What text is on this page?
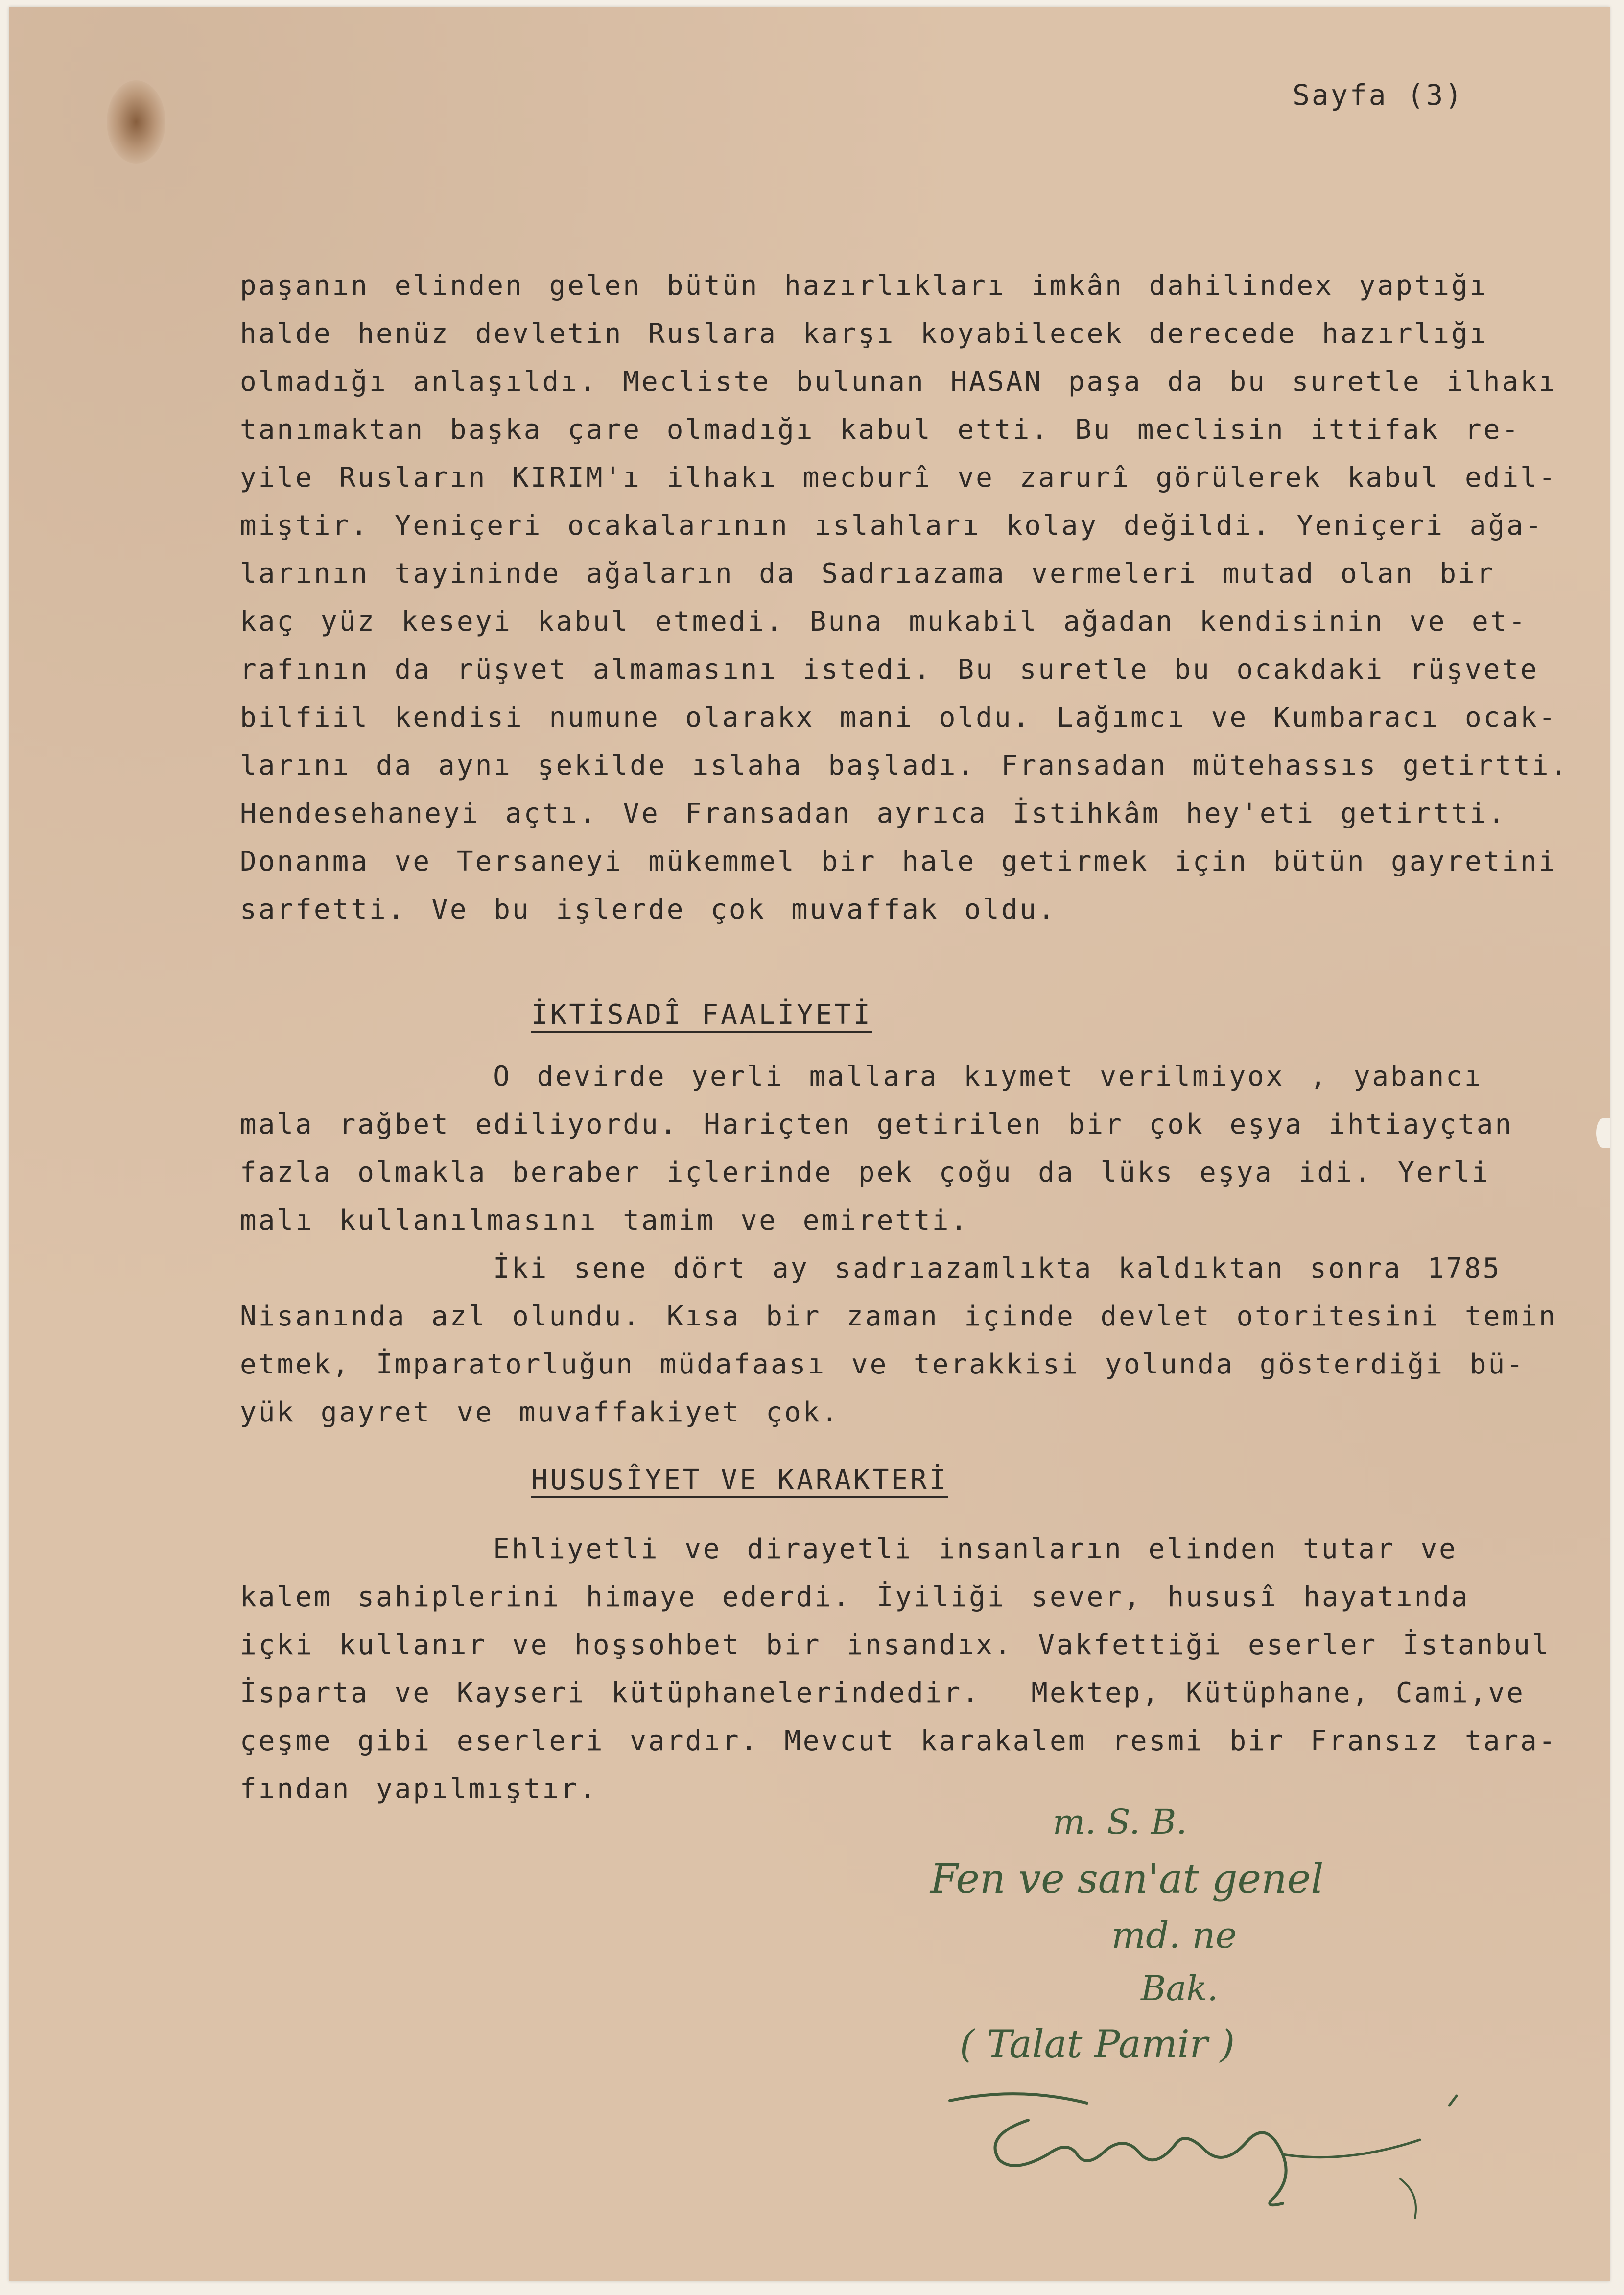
Sayfa (3)
paşanın elinden gelen bütün hazırlıkları imkân dahilindex yaptığı
halde henüz devletin Ruslara karşı koyabilecek derecede hazırlığı
olmadığı anlaşıldı. Mecliste bulunan HASAN paşa da bu suretle ilhakı
tanımaktan başka çare olmadığı kabul etti. Bu meclisin ittifak re-
yile Rusların KIRIM'ı ilhakı mecburî ve zarurî görülerek kabul edil-
miştir. Yeniçeri ocakalarının ıslahları kolay değildi. Yeniçeri ağa-
larının tayininde ağaların da Sadrıazama vermeleri mutad olan bir
kaç yüz keseyi kabul etmedi. Buna mukabil ağadan kendisinin ve et-
rafının da rüşvet almamasını istedi. Bu suretle bu ocakdaki rüşvete
bilfiil kendisi numune olarakx mani oldu. Lağımcı ve Kumbaracı ocak-
larını da aynı şekilde ıslaha başladı. Fransadan mütehassıs getirtti.
Hendesehaneyi açtı. Ve Fransadan ayrıca İstihkâm hey'eti getirtti.
Donanma ve Tersaneyi mükemmel bir hale getirmek için bütün gayretini
sarfetti. Ve bu işlerde çok muvaffak oldu.
İKTİSADÎ FAALİYETİ
O devirde yerli mallara kıymet verilmiyox , yabancı
mala rağbet ediliyordu. Hariçten getirilen bir çok eşya ihtiayçtan
fazla olmakla beraber içlerinde pek çoğu da lüks eşya idi. Yerli
malı kullanılmasını tamim ve emiretti.
İki sene dört ay sadrıazamlıkta kaldıktan sonra 1785
Nisanında azl olundu. Kısa bir zaman içinde devlet otoritesini temin
etmek, İmparatorluğun müdafaası ve terakkisi yolunda gösterdiği bü-
yük gayret ve muvaffakiyet çok.
HUSUSÎYET VE KARAKTERİ
Ehliyetli ve dirayetli insanların elinden tutar ve
kalem sahiplerini himaye ederdi. İyiliği sever, hususî hayatında
içki kullanır ve hoşsohbet bir insandıx. Vakfettiği eserler İstanbul
İsparta ve Kayseri kütüphanelerindedir.  Mektep, Kütüphane, Cami,ve
çeşme gibi eserleri vardır. Mevcut karakalem resmi bir Fransız tara-
fından yapılmıştır.
m. S. B.
Fen ve san'at genel
md. ne
Bak.
( Talat Pamir )
